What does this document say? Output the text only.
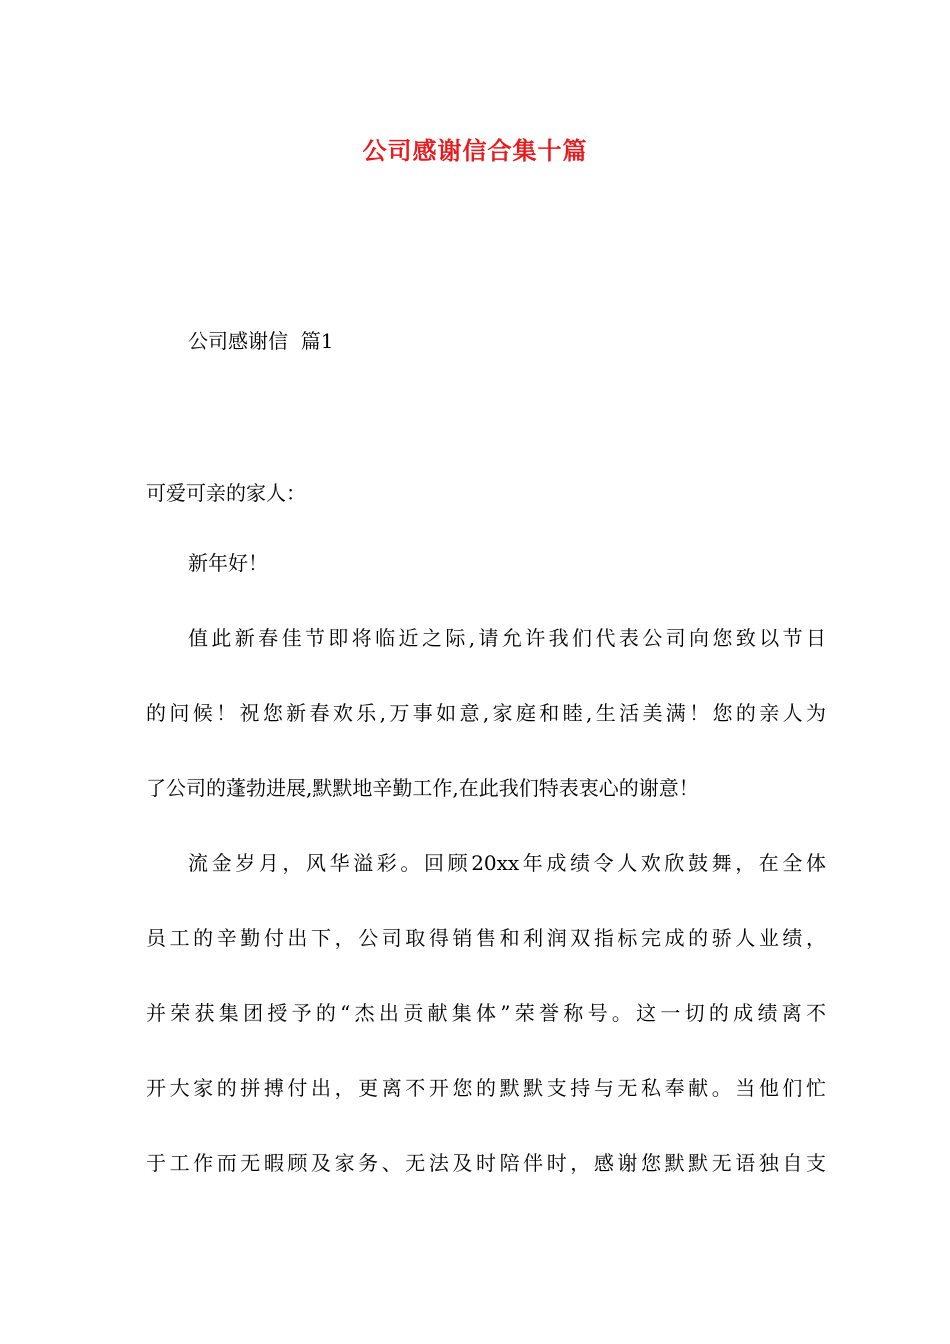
公司感谢信合集十篇
公司感谢信  篇1
可爱可亲的家人：
新年好！
值此新春佳节即将临近之际,请允许我们代表公司向您致以节日
的问候！祝您新春欢乐,万事如意,家庭和睦,生活美满！您的亲人为
了公司的蓬勃进展,默默地辛勤工作,在此我们特表衷心的谢意！
流金岁月，风华溢彩。回顾20xx年成绩令人欢欣鼓舞，在全体
员工的辛勤付出下，公司取得销售和利润双指标完成的骄人业绩，
并荣获集团授予的“杰出贡献集体”荣誉称号。这一切的成绩离不
开大家的拼搏付出，更离不开您的默默支持与无私奉献。当他们忙
于工作而无暇顾及家务、无法及时陪伴时，感谢您默默无语独自支
